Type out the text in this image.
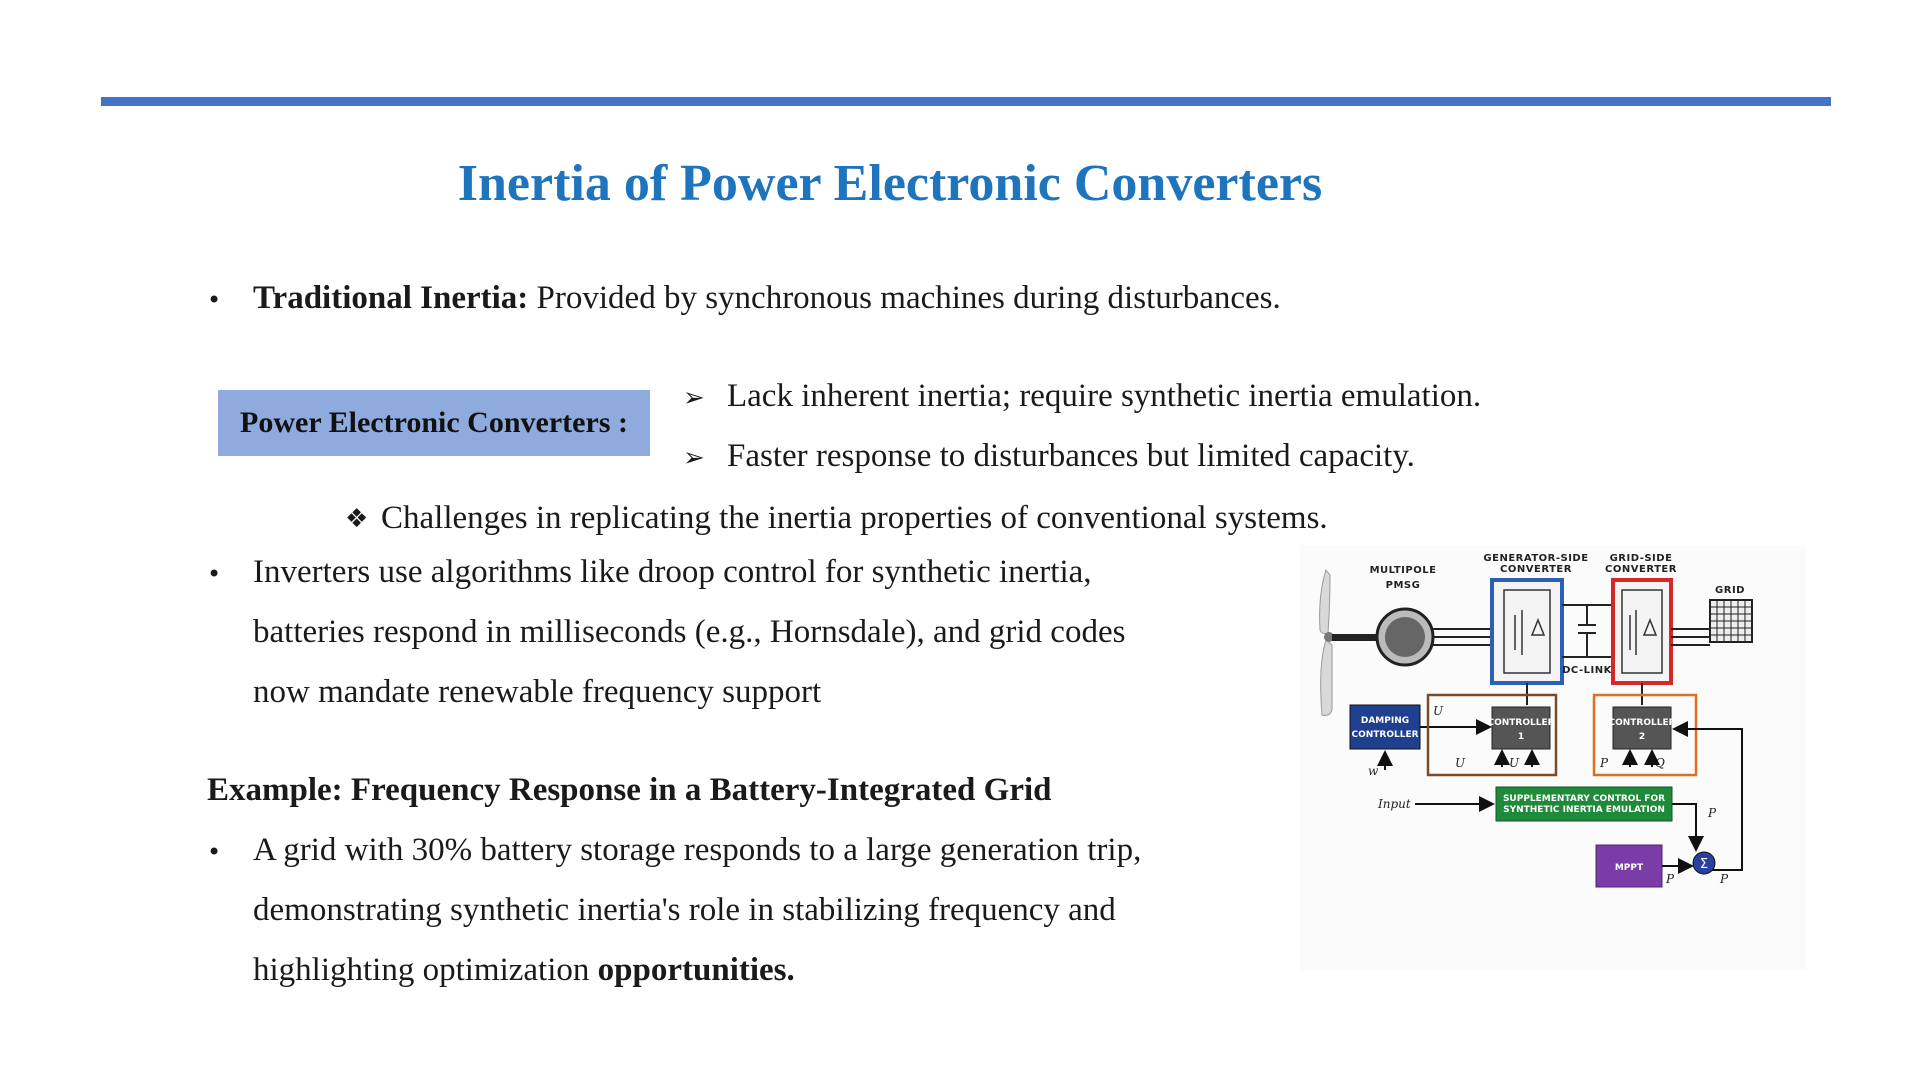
Inertia of Power Electronic Converters
• Traditional Inertia: Provided by synchronous machines during disturbances.
Power Electronic Converters :
➢ Lack inherent inertia; require synthetic inertia emulation.
➢ Faster response to disturbances but limited capacity.
❖ Challenges in replicating the inertia properties of conventional systems.
• Inverters use algorithms like droop control for synthetic inertia,
batteries respond in milliseconds (e.g., Hornsdale), and grid codes
now mandate renewable frequency support
Example: Frequency Response in a Battery-Integrated Grid
• A grid with 30% battery storage responds to a large generation trip,
demonstrating synthetic inertia's role in stabilizing frequency and
highlighting optimization opportunities.
MULTIPOLE
PMSG
GENERATOR-SIDE
CONVERTER
DC-LINK
GRID-SIDE
CONVERTER
GRID
DAMPING
CONTROLLER
w
CONTROLLER
1
U
U	U
CONTROLLER
2
P	Q
Input	SUPPLEMENTARY CONTROL FOR
SYNTHETIC INERTIA EMULATION	P
MPPT
P
Σ
P
